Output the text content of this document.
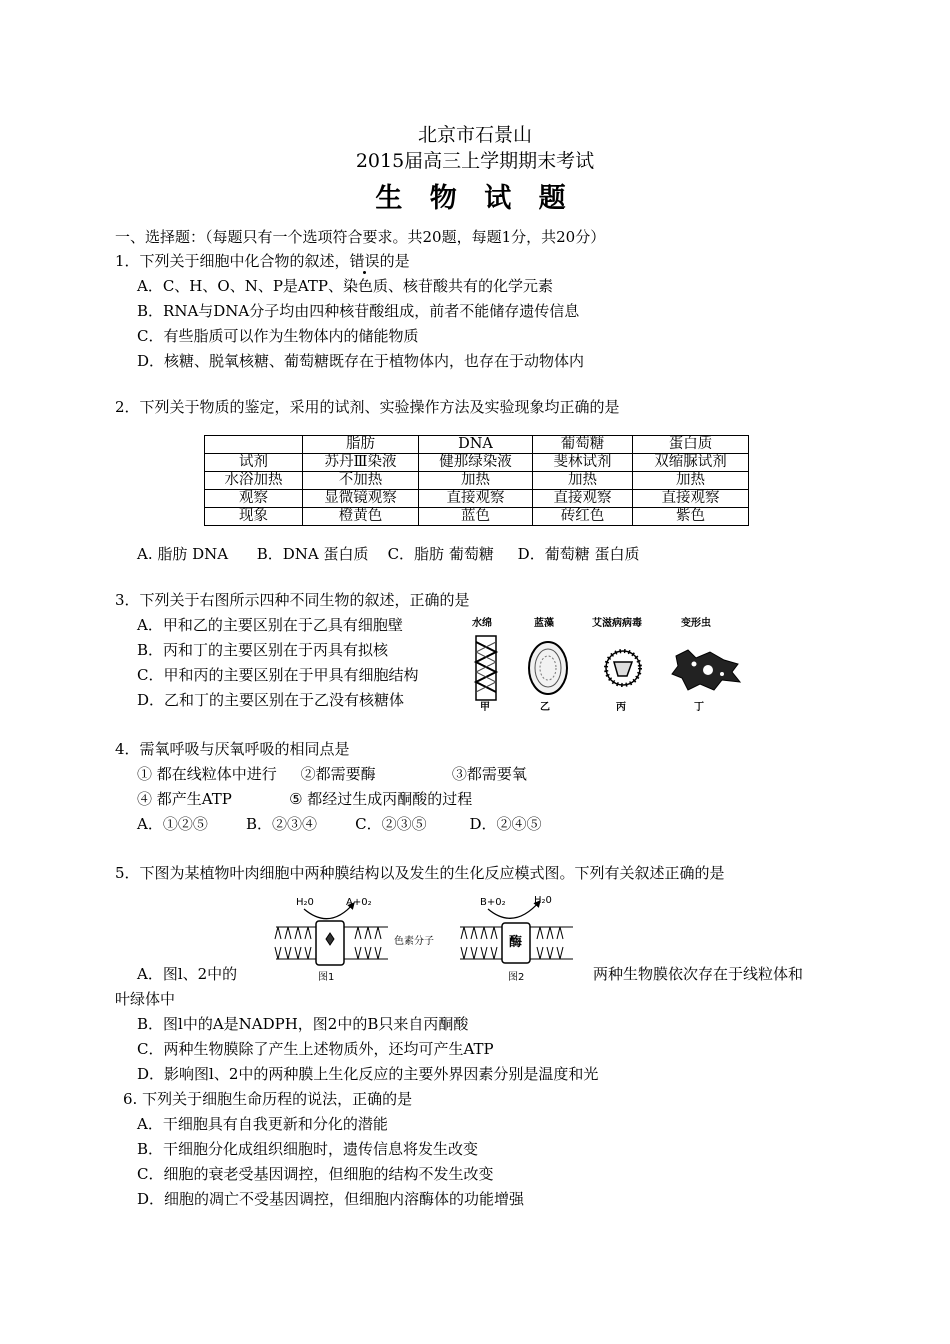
北京市石景山
2015届高三上学期期末考试
生 物 试 题
一、选择题：（每题只有一个选项符合要求。共20题，每题1分，共20分）
1．下列关于细胞中化合物的叙述，错误的是
A．C、H、O、N、P是ATP、染色质、核苷酸共有的化学元素
B．RNA与DNA分子均由四种核苷酸组成，前者不能储存遗传信息
C．有些脂质可以作为生物体内的储能物质
D．核糖、脱氧核糖、葡萄糖既存在于植物体内，也存在于动物体内
2．下列关于物质的鉴定，采用的试剂、实验操作方法及实验现象均正确的是
	脂肪	DNA	葡萄糖	蛋白质
试剂	苏丹Ⅲ染液	健那绿染液	斐林试剂	双缩脲试剂
水浴加热	不加热	加热	加热	加热
观察	显微镜观察	直接观察	直接观察	直接观察
现象	橙黄色	蓝色	砖红色	紫色
A. 脂肪 DNA      B．DNA 蛋白质    C．脂肪 葡萄糖     D．葡萄糖 蛋白质
3．下列关于右图所示四种不同生物的叙述，正确的是
A．甲和乙的主要区别在于乙具有细胞壁
B．丙和丁的主要区别在于丙具有拟核
C．甲和丙的主要区别在于甲具有细胞结构
D．乙和丁的主要区别在于乙没有核糖体
水绵	蓝藻	艾滋病病毒	变形虫
甲	乙	丙	丁
4．需氧呼吸与厌氧呼吸的相同点是
① 都在线粒体中进行     ②都需要酶                ③都需要氧
④ 都产生ATP            ⑤ 都经过生成丙酮酸的过程
A．①②⑤        B．②③④        C．②③⑤         D．②④⑤
5．下图为某植物叶肉细胞中两种膜结构以及发生的生化反应模式图。下列有关叙述正确的是
H₂0	A+0₂
色素分子
图1
B+0₂	H₂0
酶
图2
A．图l、2中的	两种生物膜依次存在于线粒体和
叶绿体中
B．图l中的A是NADPH，图2中的B只来自丙酮酸
C．两种生物膜除了产生上述物质外，还均可产生ATP
D．影响图l、2中的两种膜上生化反应的主要外界因素分别是温度和光
6. 下列关于细胞生命历程的说法，正确的是
A．干细胞具有自我更新和分化的潜能
B．干细胞分化成组织细胞时，遗传信息将发生改变
C．细胞的衰老受基因调控，但细胞的结构不发生改变
D．细胞的凋亡不受基因调控，但细胞内溶酶体的功能增强
